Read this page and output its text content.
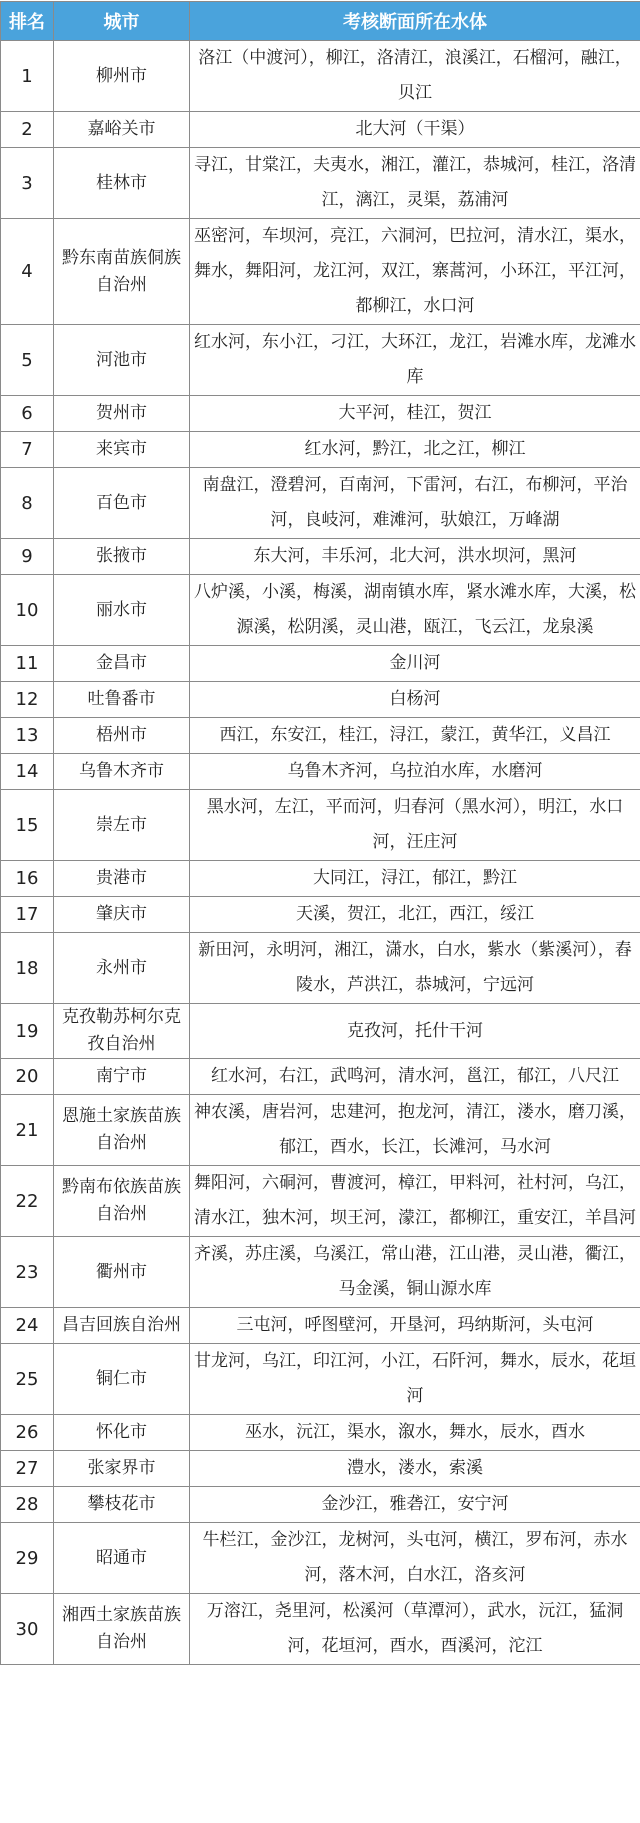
排名	城市	考核断面所在水体
1	柳州市	洛江（中渡河），柳江，洛清江，浪溪江，石榴河，融江，贝江
2	嘉峪关市	北大河（干渠）
3	桂林市	寻江，甘棠江，夫夷水，湘江，灌江，恭城河，桂江，洛清江，漓江，灵渠，荔浦河
4	黔东南苗族侗族自治州	巫密河，车坝河，亮江，六洞河，巴拉河，清水江，渠水，舞水，舞阳河，龙江河，双江，寨蒿河，小环江，平江河，都柳江，水口河
5	河池市	红水河，东小江，刁江，大环江，龙江，岩滩水库，龙滩水库
6	贺州市	大平河，桂江，贺江
7	来宾市	红水河，黔江，北之江，柳江
8	百色市	南盘江，澄碧河，百南河，下雷河，右江，布柳河，平治河，良岐河，难滩河，驮娘江，万峰湖
9	张掖市	东大河，丰乐河，北大河，洪水坝河，黑河
10	丽水市	八炉溪，小溪，梅溪，湖南镇水库，紧水滩水库，大溪，松源溪，松阴溪，灵山港，瓯江，飞云江，龙泉溪
11	金昌市	金川河
12	吐鲁番市	白杨河
13	梧州市	西江，东安江，桂江，浔江，蒙江，黄华江，义昌江
14	乌鲁木齐市	乌鲁木齐河，乌拉泊水库，水磨河
15	崇左市	黑水河，左江，平而河，归春河（黑水河），明江，水口河，汪庄河
16	贵港市	大同江，浔江，郁江，黔江
17	肇庆市	天溪，贺江，北江，西江，绥江
18	永州市	新田河，永明河，湘江，潇水，白水，紫水（紫溪河），舂陵水，芦洪江，恭城河，宁远河
19	克孜勒苏柯尔克孜自治州	克孜河，托什干河
20	南宁市	红水河，右江，武鸣河，清水河，邕江，郁江，八尺江
21	恩施土家族苗族自治州	神农溪，唐岩河，忠建河，抱龙河，清江，溇水，磨刀溪，郁江，酉水，长江，长滩河，马水河
22	黔南布依族苗族自治州	舞阳河，六硐河，曹渡河，樟江，甲料河，社村河，乌江，清水江，独木河，坝王河，濛江，都柳江，重安江，羊昌河
23	衢州市	齐溪，苏庄溪，乌溪江，常山港，江山港，灵山港，衢江，马金溪，铜山源水库
24	昌吉回族自治州	三屯河，呼图壁河，开垦河，玛纳斯河，头屯河
25	铜仁市	甘龙河，乌江，印江河，小江，石阡河，舞水，辰水，花垣河
26	怀化市	巫水，沅江，渠水，溆水，舞水，辰水，酉水
27	张家界市	澧水，溇水，索溪
28	攀枝花市	金沙江，雅砻江，安宁河
29	昭通市	牛栏江，金沙江，龙树河，头屯河，横江，罗布河，赤水河，落木河，白水江，洛亥河
30	湘西土家族苗族自治州	万溶江，尧里河，松溪河（草潭河），武水，沅江，猛洞河，花垣河，酉水，酉溪河，沱江
